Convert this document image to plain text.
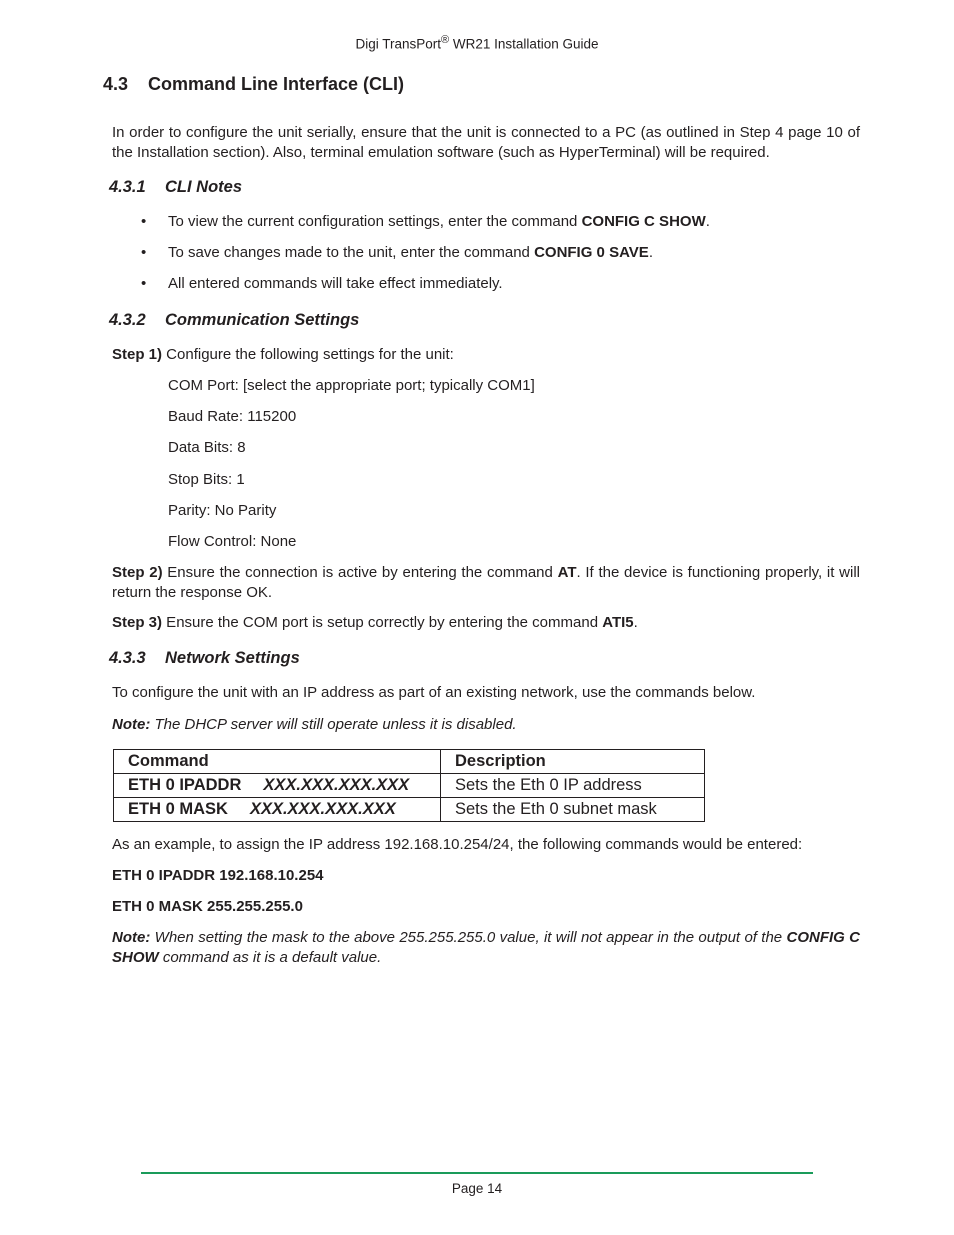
Digi TransPort® WR21 Installation Guide
4.3 Command Line Interface (CLI)
In order to configure the unit serially, ensure that the unit is connected to a PC (as outlined in Step 4 page 10 of the Installation section). Also, terminal emulation software (such as HyperTerminal) will be required.
4.3.1 CLI Notes
• To view the current configuration settings, enter the command CONFIG C SHOW.
• To save changes made to the unit, enter the command CONFIG 0 SAVE.
• All entered commands will take effect immediately.
4.3.2 Communication Settings
Step 1) Configure the following settings for the unit:
COM Port: [select the appropriate port; typically COM1]
Baud Rate: 115200
Data Bits: 8
Stop Bits: 1
Parity: No Parity
Flow Control: None
Step 2) Ensure the connection is active by entering the command AT. If the device is functioning properly, it will return the response OK.
Step 3) Ensure the COM port is setup correctly by entering the command ATI5.
4.3.3 Network Settings
To configure the unit with an IP address as part of an existing network, use the commands below.
Note: The DHCP server will still operate unless it is disabled.
Command	Description
ETH 0 IPADDR XXX.XXX.XXX.XXX	Sets the Eth 0 IP address
ETH 0 MASK XXX.XXX.XXX.XXX	Sets the Eth 0 subnet mask
As an example, to assign the IP address 192.168.10.254/24, the following commands would be entered:
ETH 0 IPADDR 192.168.10.254
ETH 0 MASK 255.255.255.0
Note: When setting the mask to the above 255.255.255.0 value, it will not appear in the output of the CONFIG C SHOW command as it is a default value.
Page 14
